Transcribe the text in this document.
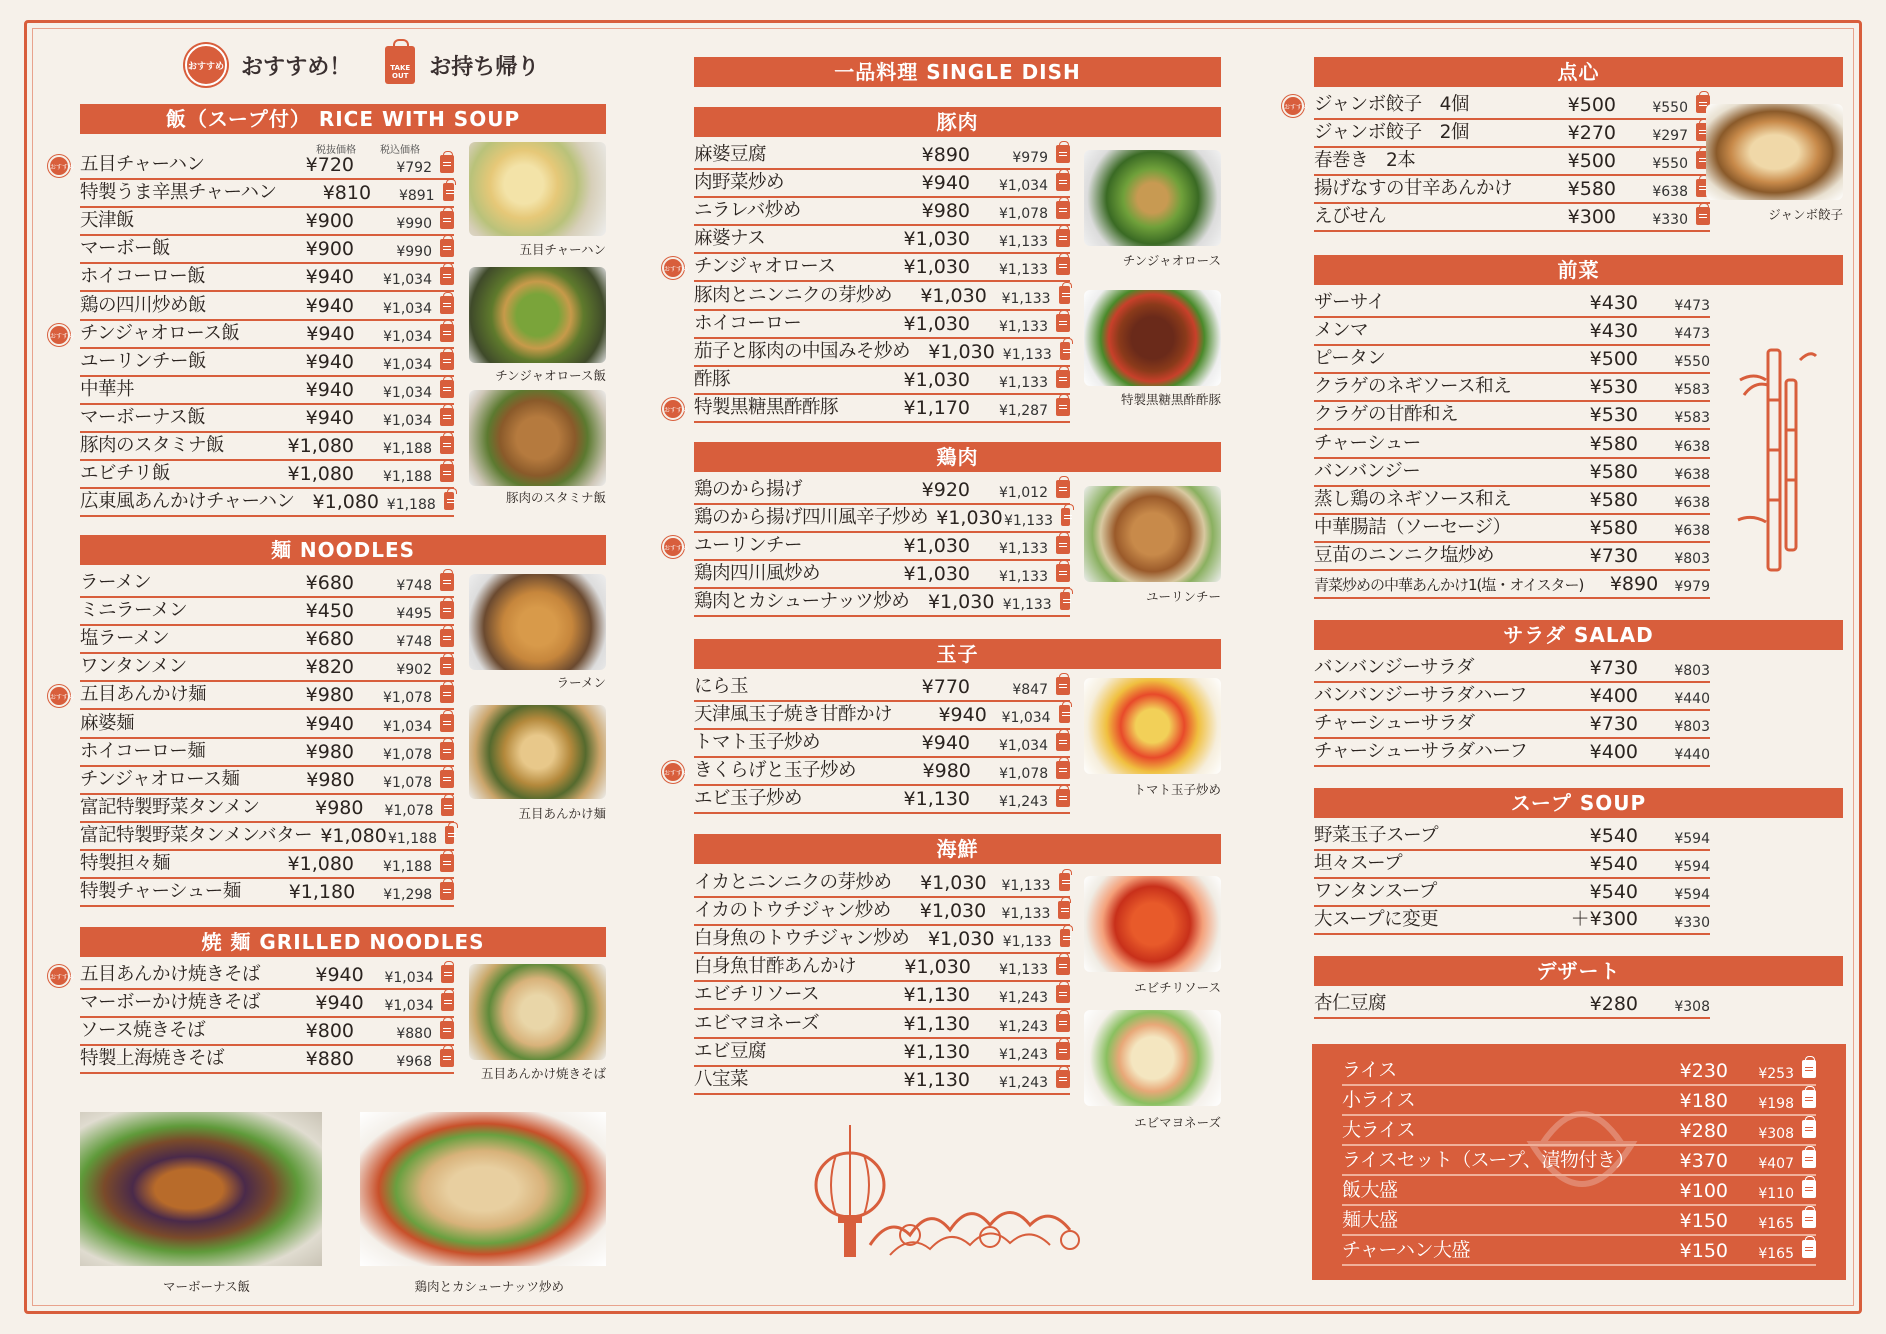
おすすめ おすすめ！	TAKE OUT お持ち帰り
飯（スープ付） RICE WITH SOUP
税抜価格 税込価格
おすすめ 五目チャーハン	¥720	¥792
特製うま辛黒チャーハン	¥810	¥891
天津飯	¥900	¥990
マーボー飯	¥900	¥990
ホイコーロー飯	¥940	¥1,034
鶏の四川炒め飯	¥940	¥1,034
おすすめ チンジャオロース飯	¥940	¥1,034
ユーリンチー飯	¥940	¥1,034
中華丼	¥940	¥1,034
マーボーナス飯	¥940	¥1,034
豚肉のスタミナ飯	¥1,080	¥1,188
エビチリ飯	¥1,080	¥1,188
広東風あんかけチャーハン ¥1,080 ¥1,188
五目チャーハン
チンジャオロース飯
豚肉のスタミナ飯
麺 NOODLES
ラーメン	¥680	¥748
ミニラーメン	¥450	¥495
塩ラーメン	¥680	¥748
ワンタンメン	¥820	¥902
おすすめ 五目あんかけ麺	¥980	¥1,078
麻婆麺	¥940	¥1,034
ホイコーロー麺	¥980	¥1,078
チンジャオロース麺	¥980	¥1,078
富記特製野菜タンメン	¥980	¥1,078
富記特製野菜タンメンバター ¥1,080 ¥1,188
特製担々麺	¥1,080	¥1,188
特製チャーシュー麺	¥1,180	¥1,298
ラーメン
五目あんかけ麺
焼 麺 GRILLED NOODLES
おすすめ 五目あんかけ焼きそば	¥940	¥1,034
マーボーかけ焼きそば	¥940	¥1,034
ソース焼きそば	¥800	¥880
特製上海焼きそば	¥880	¥968
五目あんかけ焼きそば
マーボーナス飯	鶏肉とカシューナッツ炒め
一品料理 SINGLE DISH
豚肉
麻婆豆腐	¥890	¥979
肉野菜炒め	¥940	¥1,034
ニラレバ炒め	¥980	¥1,078
麻婆ナス	¥1,030	¥1,133
おすすめ チンジャオロース	¥1,030	¥1,133
豚肉とニンニクの芽炒め	¥1,030	¥1,133
ホイコーロー	¥1,030	¥1,133
茄子と豚肉の中国みそ炒め ¥1,030 ¥1,133
酢豚	¥1,030	¥1,133
おすすめ 特製黒糖黒酢酢豚	¥1,170	¥1,287
チンジャオロース
特製黒糖黒酢酢豚
鶏肉
鶏のから揚げ	¥920	¥1,012
鶏のから揚げ四川風辛子炒め ¥1,030 ¥1,133
おすすめ ユーリンチー	¥1,030	¥1,133
鶏肉四川風炒め	¥1,030	¥1,133
鶏肉とカシューナッツ炒め ¥1,030 ¥1,133
ユーリンチー
玉子
にら玉	¥770	¥847
天津風玉子焼き甘酢かけ	¥940	¥1,034
トマト玉子炒め	¥940	¥1,034
おすすめ きくらげと玉子炒め	¥980	¥1,078
エビ玉子炒め	¥1,130	¥1,243
トマト玉子炒め
海鮮
イカとニンニクの芽炒め	¥1,030	¥1,133
イカのトウチジャン炒め	¥1,030	¥1,133
白身魚のトウチジャン炒め ¥1,030 ¥1,133
白身魚甘酢あんかけ	¥1,030	¥1,133
エビチリソース	¥1,130	¥1,243
エビマヨネーズ	¥1,130	¥1,243
エビ豆腐	¥1,130	¥1,243
八宝菜	¥1,130	¥1,243
エビチリソース
エビマヨネーズ
点心
おすすめ ジャンボ餃子　4個	¥500	¥550
ジャンボ餃子　2個	¥270	¥297
春巻き　2本	¥500	¥550
揚げなすの甘辛あんかけ	¥580	¥638
えびせん	¥300	¥330	ジャンボ餃子
前菜
ザーサイ	¥430	¥473
メンマ	¥430	¥473
ピータン	¥500	¥550
クラゲのネギソース和え	¥530	¥583
クラゲの甘酢和え	¥530	¥583
チャーシュー	¥580	¥638
バンバンジー	¥580	¥638
蒸し鶏のネギソース和え	¥580	¥638
中華腸詰（ソーセージ）	¥580	¥638
豆苗のニンニク塩炒め	¥730	¥803
青菜炒めの中華あんかけ1(塩・オイスター)	¥890	¥979
サラダ SALAD
バンバンジーサラダ	¥730	¥803
バンバンジーサラダハーフ	¥400	¥440
チャーシューサラダ	¥730	¥803
チャーシューサラダハーフ	¥400	¥440
スープ SOUP
野菜玉子スープ	¥540	¥594
坦々スープ	¥540	¥594
ワンタンスープ	¥540	¥594
大スープに変更	＋¥300	¥330
デザート
杏仁豆腐	¥280	¥308
ライス	¥230	¥253
小ライス	¥180	¥198
大ライス	¥280	¥308
ライスセット（スープ、漬物付き）	¥370	¥407
飯大盛	¥100	¥110
麺大盛	¥150	¥165
チャーハン大盛	¥150	¥165
